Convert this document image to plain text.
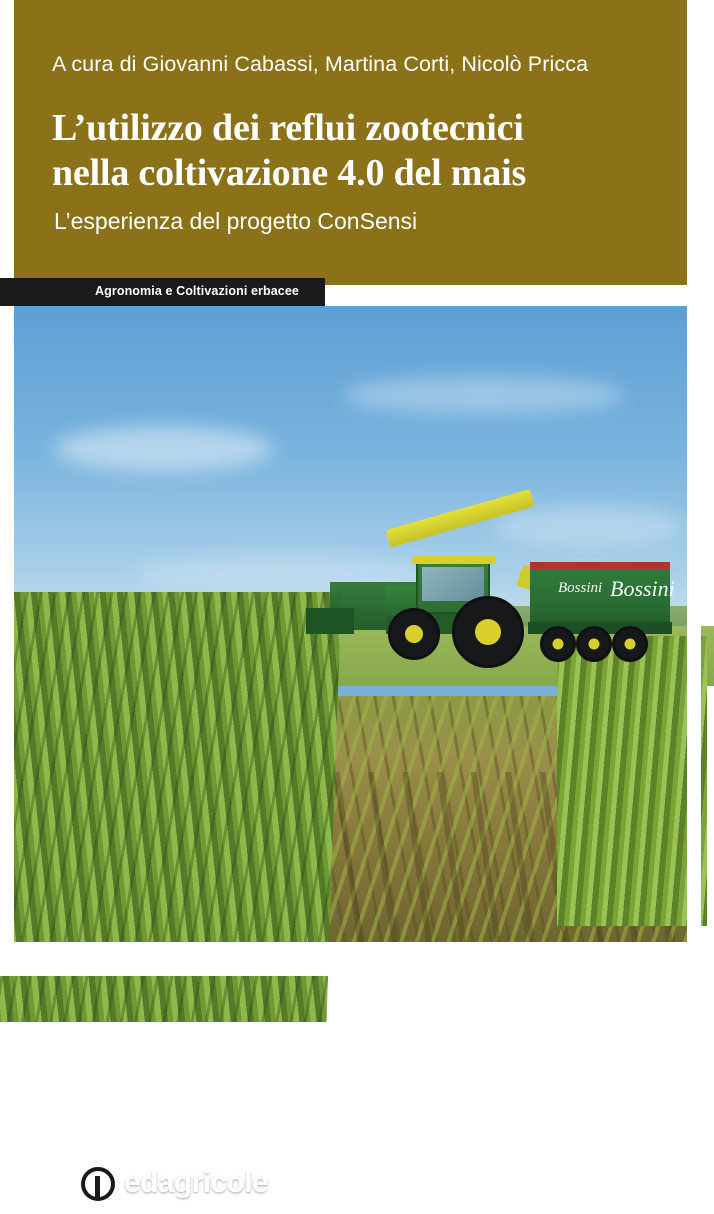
A cura di Giovanni Cabassi, Martina Corti, Nicolò Pricca
L’utilizzo dei reflui zootecnici
nella coltivazione 4.0 del mais
L’esperienza del progetto ConSensi
Agronomia e Coltivazioni erbacee
Bossini Bossini
edagricole
